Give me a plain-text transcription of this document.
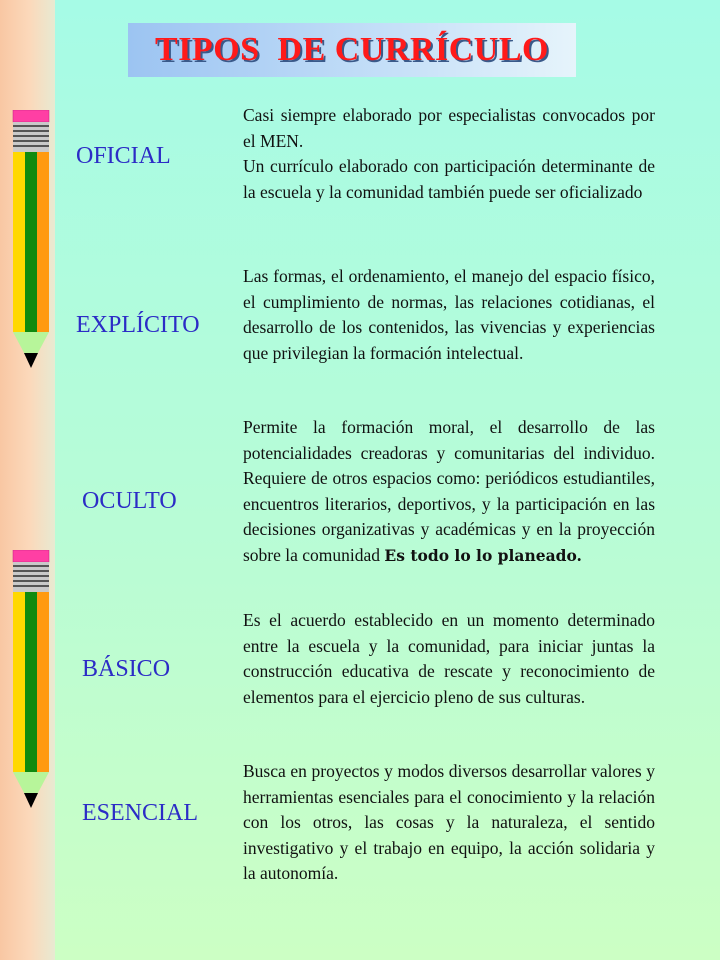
TIPOS  DE CURRÍCULO
OFICIAL
EXPLÍCITO
OCULTO
BÁSICO
ESENCIAL

Casi siempre elaborado por especialistas convocados por el MEN.

Un currículo elaborado con participación determinante de la escuela y la comunidad también puede ser oficializado

Las formas, el ordenamiento, el manejo del espacio físico, el cumplimiento de normas, las relaciones cotidianas, el desarrollo de los contenidos, las vivencias y experiencias que privilegian la formación intelectual.

Permite la formación moral, el desarrollo de las potencialidades creadoras y comunitarias del individuo. Requiere de otros espacios como: periódicos estudiantiles, encuentros literarios, deportivos, y la participación en las decisiones organizativas y académicas y en la proyección sobre la comunidad Es todo lo lo planeado.

Es el acuerdo establecido en un momento determinado entre la escuela y la comunidad, para iniciar juntas la construcción educativa de rescate y reconocimiento de elementos para el ejercicio pleno de sus culturas.

Busca en proyectos y modos diversos desarrollar valores y herramientas esenciales para el conocimiento y la relación con los otros, las cosas y la naturaleza, el sentido investigativo y el trabajo en equipo, la acción solidaria y la autonomía.
